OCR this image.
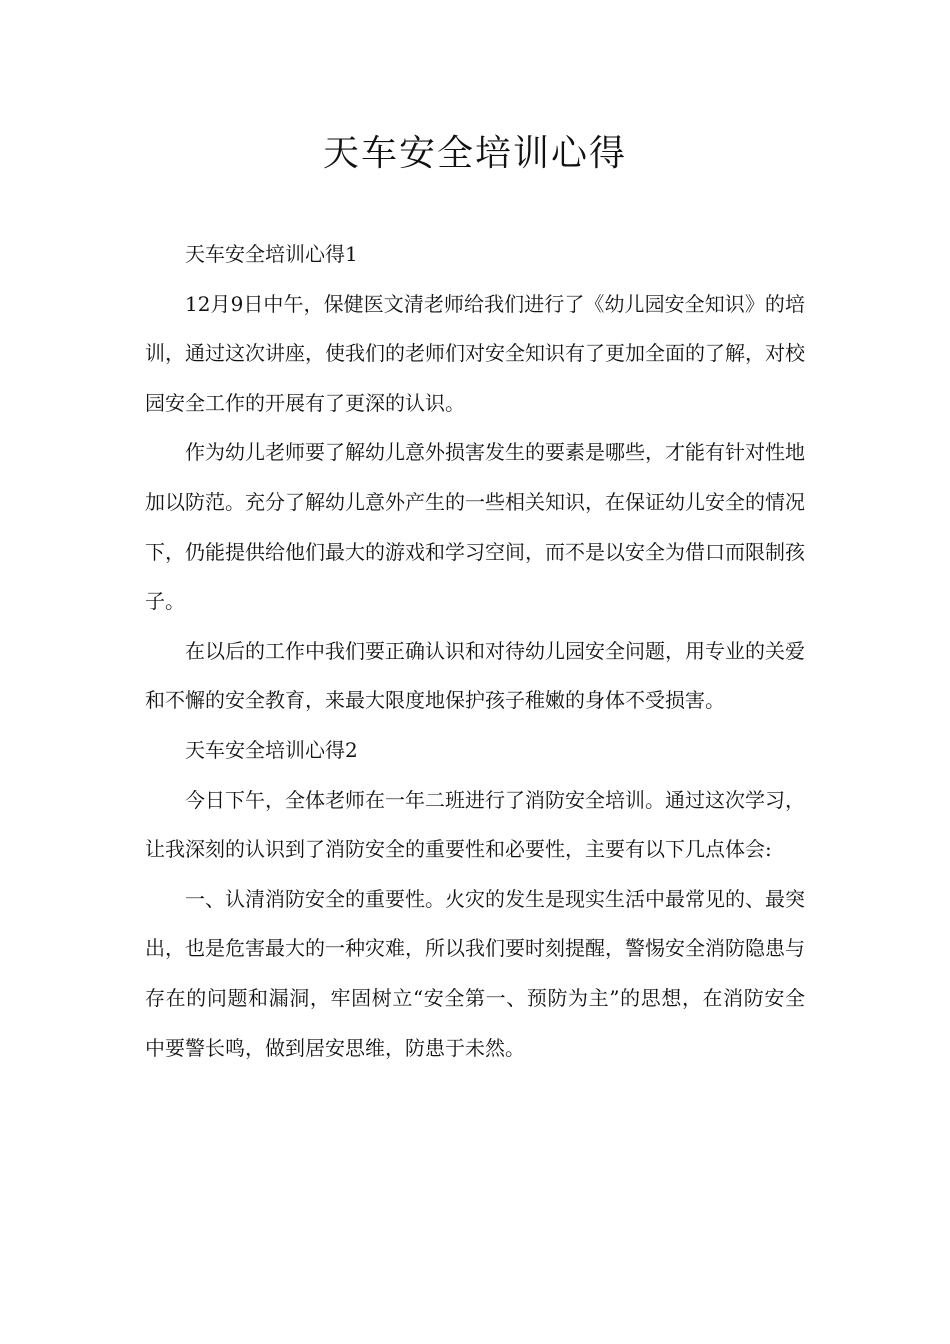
天车安全培训心得

天车安全培训心得1

12月9日中午，保健医文清老师给我们进行了《幼儿园安全知识》的培训，通过这次讲座，使我们的老师们对安全知识有了更加全面的了解，对校园安全工作的开展有了更深的认识。

作为幼儿老师要了解幼儿意外损害发生的要素是哪些，才能有针对性地加以防范。充分了解幼儿意外产生的一些相关知识，在保证幼儿安全的情况下，仍能提供给他们最大的游戏和学习空间，而不是以安全为借口而限制孩子。

在以后的工作中我们要正确认识和对待幼儿园安全问题，用专业的关爱和不懈的安全教育，来最大限度地保护孩子稚嫩的身体不受损害。

天车安全培训心得2

今日下午，全体老师在一年二班进行了消防安全培训。通过这次学习，让我深刻的认识到了消防安全的重要性和必要性，主要有以下几点体会:

一、认清消防安全的重要性。火灾的发生是现实生活中最常见的、最突出，也是危害最大的一种灾难，所以我们要时刻提醒，警惕安全消防隐患与存在的问题和漏洞，牢固树立“安全第一、预防为主”的思想，在消防安全中要警长鸣，做到居安思维，防患于未然。
